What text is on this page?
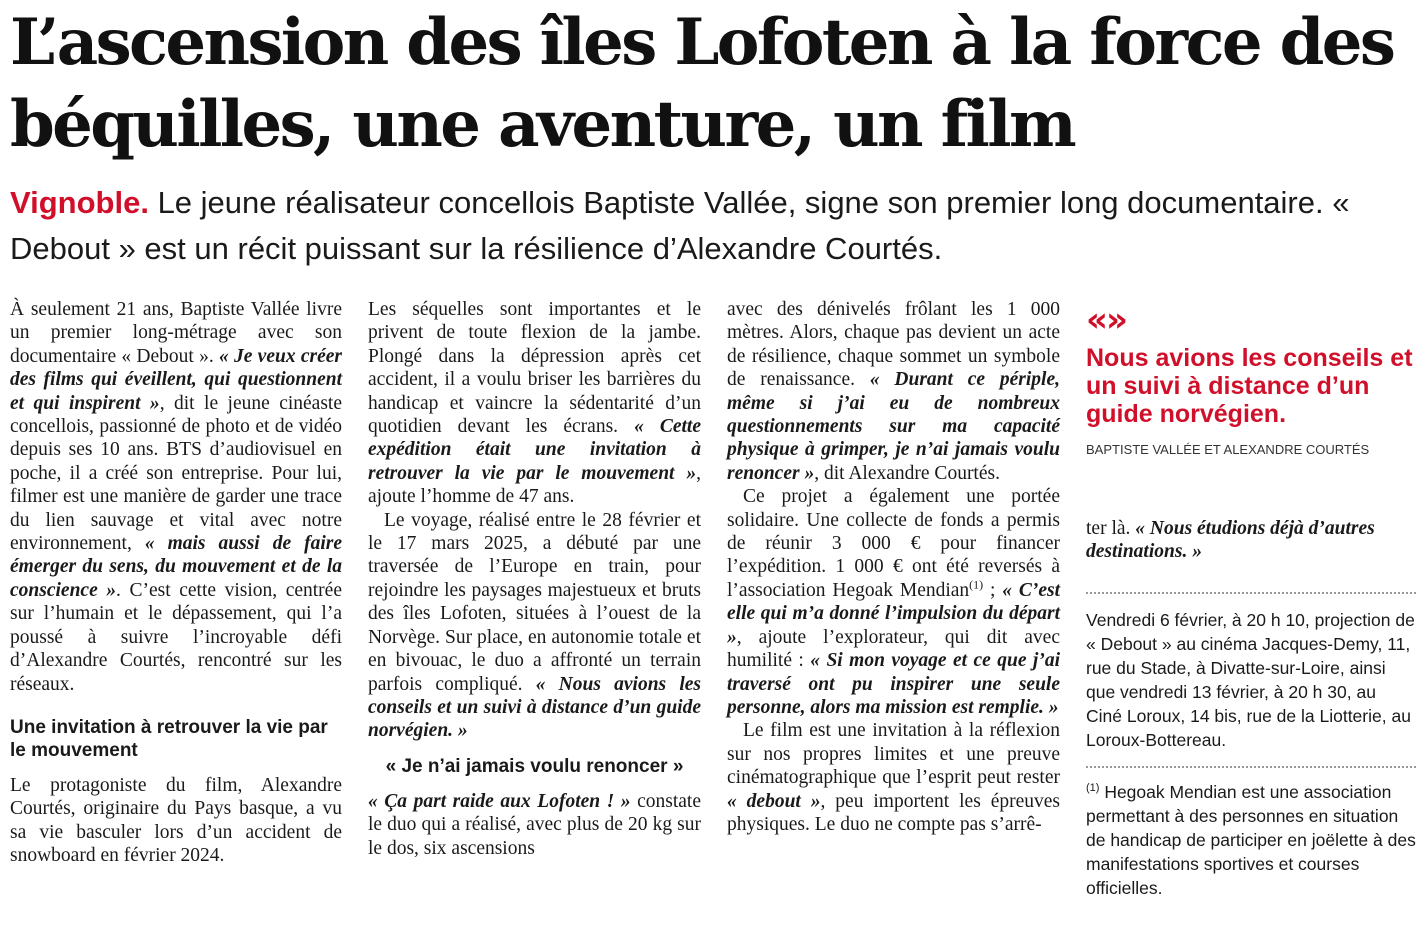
L’ascension des îles Lofoten à la force des béquilles, une aventure, un film

Vignoble. Le jeune réalisateur concellois Baptiste Vallée, signe son premier long documentaire. « Debout » est un récit puissant sur la résilience d’Alexandre Courtés.

À seulement 21 ans, Baptiste Vallée livre un premier long-métrage avec son documentaire « Debout ». « Je veux créer des films qui éveillent, qui questionnent et qui inspirent », dit le jeune cinéaste concellois, passionné de photo et de vidéo depuis ses 10 ans. BTS d’audiovisuel en poche, il a créé son entreprise. Pour lui, filmer est une manière de garder une trace du lien sauvage et vital avec notre environnement, « mais aussi de faire émerger du sens, du mouvement et de la conscience ». C’est cette vision, centrée sur l’humain et le dépassement, qui l’a poussé à suivre l’incroyable défi d’Alexandre Courtés, rencontré sur les réseaux.

Une invitation à retrouver la vie par le mouvement

Le protagoniste du film, Alexandre Courtés, originaire du Pays basque, a vu sa vie basculer lors d’un accident de snowboard en février 2024.

Les séquelles sont importantes et le privent de toute flexion de la jambe. Plongé dans la dépression après cet accident, il a voulu briser les barrières du handicap et vaincre la sédentarité d’un quotidien devant les écrans. « Cette expédition était une invitation à retrouver la vie par le mouvement », ajoute l’homme de 47 ans.

Le voyage, réalisé entre le 28 février et le 17 mars 2025, a débuté par une traversée de l’Europe en train, pour rejoindre les paysages majestueux et bruts des îles Lofoten, situées à l’ouest de la Norvège. Sur place, en autonomie totale et en bivouac, le duo a affronté un terrain parfois compliqué. « Nous avions les conseils et un suivi à distance d’un guide norvégien. »

« Je n’ai jamais voulu renoncer »

« Ça part raide aux Lofoten ! » constate le duo qui a réalisé, avec plus de 20 kg sur le dos, six ascensions

avec des dénivelés frôlant les 1 000 mètres. Alors, chaque pas devient un acte de résilience, chaque sommet un symbole de renaissance. « Durant ce périple, même si j’ai eu de nombreux questionnements sur ma capacité physique à grimper, je n’ai jamais voulu renoncer », dit Alexandre Courtés.

Ce projet a également une portée solidaire. Une collecte de fonds a permis de réunir 3 000 € pour financer l’expédition. 1 000 € ont été reversés à l’association Hegoak Mendian$^{(1)}$ ; « C’est elle qui m’a donné l’impulsion du départ », ajoute l’explorateur, qui dit avec humilité : « Si mon voyage et ce que j’ai traversé ont pu inspirer une seule personne, alors ma mission est remplie. »

Le film est une invitation à la réflexion sur nos propres limites et une preuve cinématographique que l’esprit peut rester « debout », peu importent les épreuves physiques. Le duo ne compte pas s’arrê-

«»

Nous avions les conseils et un suivi à distance d’un guide norvégien.

BAPTISTE VALLÉE ET ALEXANDRE COURTÉS

ter là. « Nous étudions déjà d’autres destinations. »

Vendredi 6 février, à 20 h 10, projection de « Debout » au cinéma Jacques-Demy, 11, rue du Stade, à Divatte-sur-Loire, ainsi que vendredi 13 février, à 20 h 30, au Ciné Loroux, 14 bis, rue de la Liotterie, au Loroux-Bottereau.
$^{(1)}$ Hegoak Mendian est une association permettant à des personnes en situation de handicap de participer en joëlette à des manifestations sportives et courses officielles.
